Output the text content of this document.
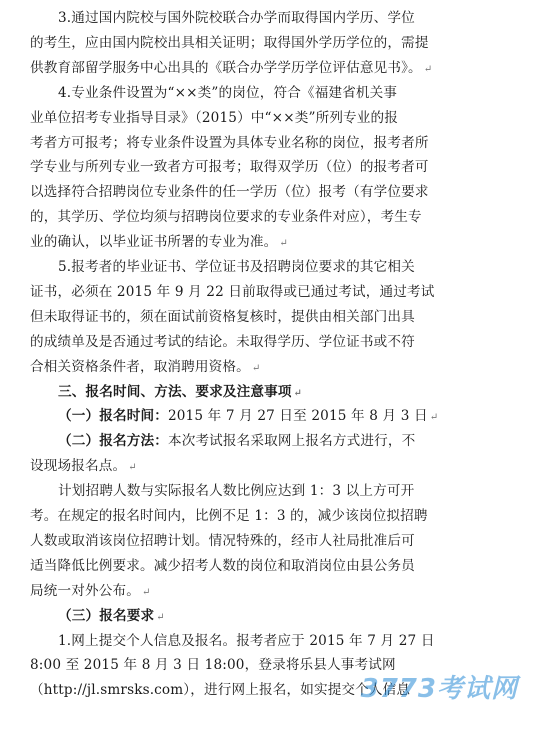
3.通过国内院校与国外院校联合办学而取得国内学历、学位
的考生，应由国内院校出具相关证明；取得国外学历学位的，需提
供教育部留学服务中心出具的《联合办学学历学位评估意见书》。 ↵
4.专业条件设置为“××类”的岗位，符合《福建省机关事
业单位招考专业指导目录》（2015）中“××类”所列专业的报
考者方可报考；将专业条件设置为具体专业名称的岗位，报考者所
学专业与所列专业一致者方可报考；取得双学历（位）的报考者可
以选择符合招聘岗位专业条件的任一学历（位）报考（有学位要求
的，其学历、学位均须与招聘岗位要求的专业条件对应），考生专
业的确认，以毕业证书所署的专业为准。 ↵
5.报考者的毕业证书、学位证书及招聘岗位要求的其它相关
证书，必须在 2015 年 9 月 22 日前取得或已通过考试，通过考试
但未取得证书的，须在面试前资格复核时，提供由相关部门出具
的成绩单及是否通过考试的结论。未取得学历、学位证书或不符
合相关资格条件者，取消聘用资格。 ↵
三、报名时间、方法、要求及注意事项 ↵
（一）报名时间：2015 年 7 月 27 日至 2015 年 8 月 3 日 ↵
（二）报名方法：本次考试报名采取网上报名方式进行，不
设现场报名点。 ↵
计划招聘人数与实际报名人数比例应达到 1：3 以上方可开
考。在规定的报名时间内，比例不足 1：3 的，减少该岗位拟招聘
人数或取消该岗位招聘计划。情况特殊的，经市人社局批准后可
适当降低比例要求。减少招考人数的岗位和取消岗位由县公务员
局统一对外公布。 ↵
（三）报名要求 ↵
1.网上提交个人信息及报名。报考者应于 2015 年 7 月 27 日
8:00 至 2015 年 8 月 3 日 18:00，登录将乐县人事考试网
（http://jl.smrsks.com），进行网上报名，如实提交个人信息
3773考试网
